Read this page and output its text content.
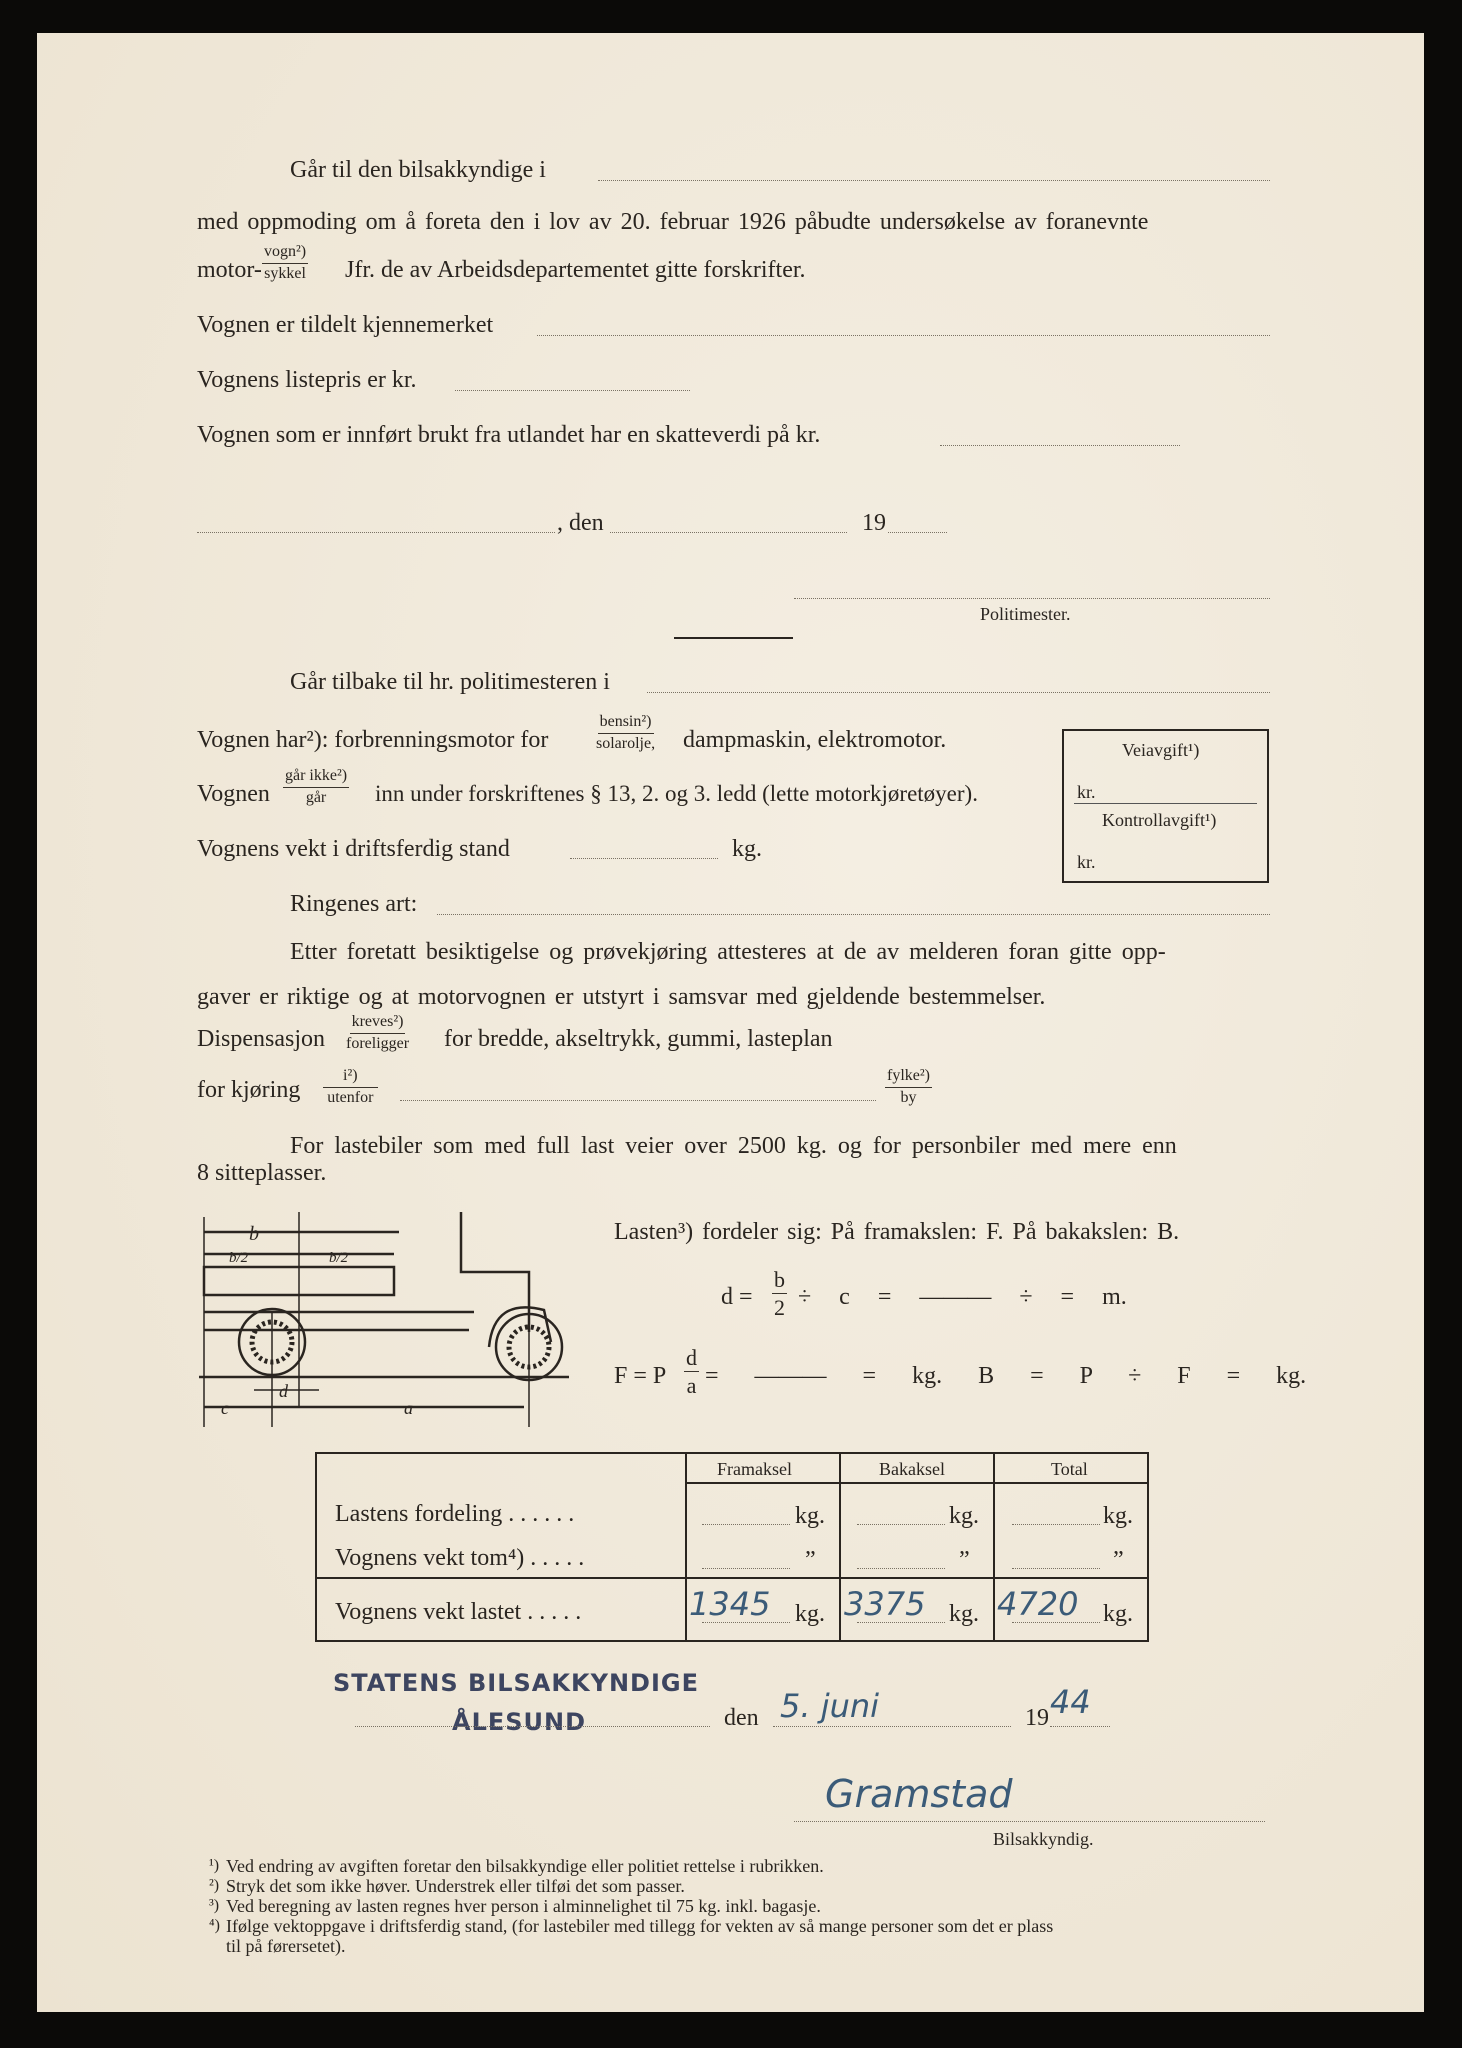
Går til den bilsakkyndige i
med oppmoding om å foreta den i lov av 20. februar 1926 påbudte undersøkelse av foranevnte
motor-
vogn²)
sykkel Jfr. de av Arbeidsdepartementet gitte forskrifter.
Vognen er tildelt kjennemerket
Vognens listepris er kr.
Vognen som er innført brukt fra utlandet har en skatteverdi på kr.
, den	19
Politimester.
Går tilbake til hr. politimesteren i
Vognen har²): forbrenningsmotor for
bensin²)
solarolje, dampmaskin, elektromotor.
Vognen
går ikke²)
går inn under forskriftenes § 13, 2. og 3. ledd (lette motorkjøretøyer).
Vognens vekt i driftsferdig stand	kg.
Veiavgift¹)
kr.
Kontrollavgift¹)
kr.
Ringenes art:
Etter foretatt besiktigelse og prøvekjøring attesteres at de av melderen foran gitte opp-
gaver er riktige og at motorvognen er utstyrt i samsvar med gjeldende bestemmelser.
Dispensasjon
kreves²)
foreligger for bredde, akseltrykk, gummi, lasteplan
for kjøring
i²)
utenfor
fylke²)
by
For lastebiler som med full last veier over 2500 kg. og for personbiler med mere enn
8 sitteplasser.
b
b/2	b/2
d
c	a
Lasten³) fordeler sig: På framakslen: F. På bakakslen: B.
$d = \frac{b}{2} \div c$ = ——— ÷ = m.
F = P $\frac{d}{a}$ = ——— = kg. B = P ÷ F = kg.
Framaksel	Bakaksel	Total
Lastens fordeling . . . . . .	kg.	kg.	kg.
Vognens vekt tom⁴) . . . . .	”	”	”
Vognens vekt lastet . . . . .	1345 kg. 3375 kg. 4720 kg.
STATENS BILSAKKYNDIGE
ÅLESUND	den 5. juni	19 44
Gramstad
Bilsakkyndig.
¹) Ved endring av avgiften foretar den bilsakkyndige eller politiet rettelse i rubrikken.
²) Stryk det som ikke høver. Understrek eller tilføi det som passer.
³) Ved beregning av lasten regnes hver person i alminnelighet til 75 kg. inkl. bagasje.
⁴) Ifølge vektoppgave i driftsferdig stand, (for lastebiler med tillegg for vekten av så mange personer som det er plass
til på førersetet).
